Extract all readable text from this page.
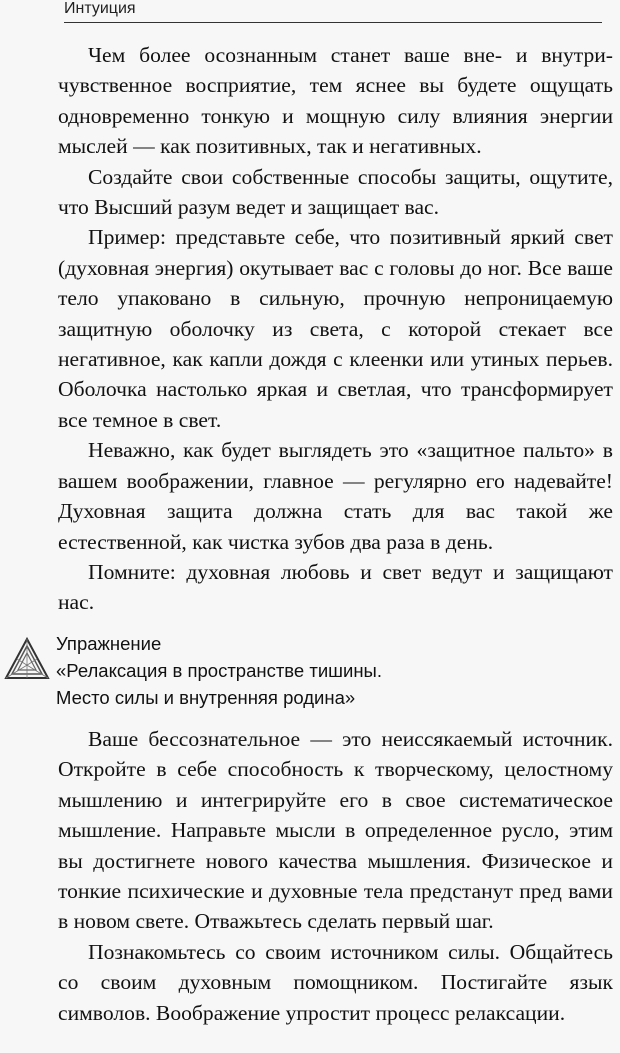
Интуиция

Чем более осознанным станет ваше вне- и внутричувственное восприятие, тем яснее вы будете ощущать одновременно тонкую и мощную силу влияния энергии мыслей — как позитивных, так и негативных.

Создайте свои собственные способы защиты, ощутите, что Высший разум ведет и защищает вас.

Пример: представьте себе, что позитивный яркий свет (духовная энергия) окутывает вас с головы до ног. Все ваше тело упаковано в сильную, прочную непроницаемую защитную оболочку из света, с которой стекает все негативное, как капли дождя с клеенки или утиных перьев. Оболочка настолько яркая и светлая, что трансформирует все темное в свет.

Неважно, как будет выглядеть это «защитное пальто» в вашем воображении, главное — регулярно его надевайте! Духовная защита должна стать для вас такой же естественной, как чистка зубов два раза в день.

Помните: духовная любовь и свет ведут и защищают нас.

Упражнение
«Релаксация в пространстве тишины.
Место силы и внутренняя родина»

Ваше бессознательное — это неиссякаемый источник. Откройте в себе способность к творческому, целостному мышлению и интегрируйте его в свое систематическое мышление. Направьте мысли в определенное русло, этим вы достигнете нового качества мышления. Физическое и тонкие психические и духовные тела предстанут пред вами в новом свете. Отважьтесь сделать первый шаг.

Познакомьтесь со своим источником силы. Общайтесь со своим духовным помощником. Постигайте язык символов. Воображение упростит процесс релаксации.
